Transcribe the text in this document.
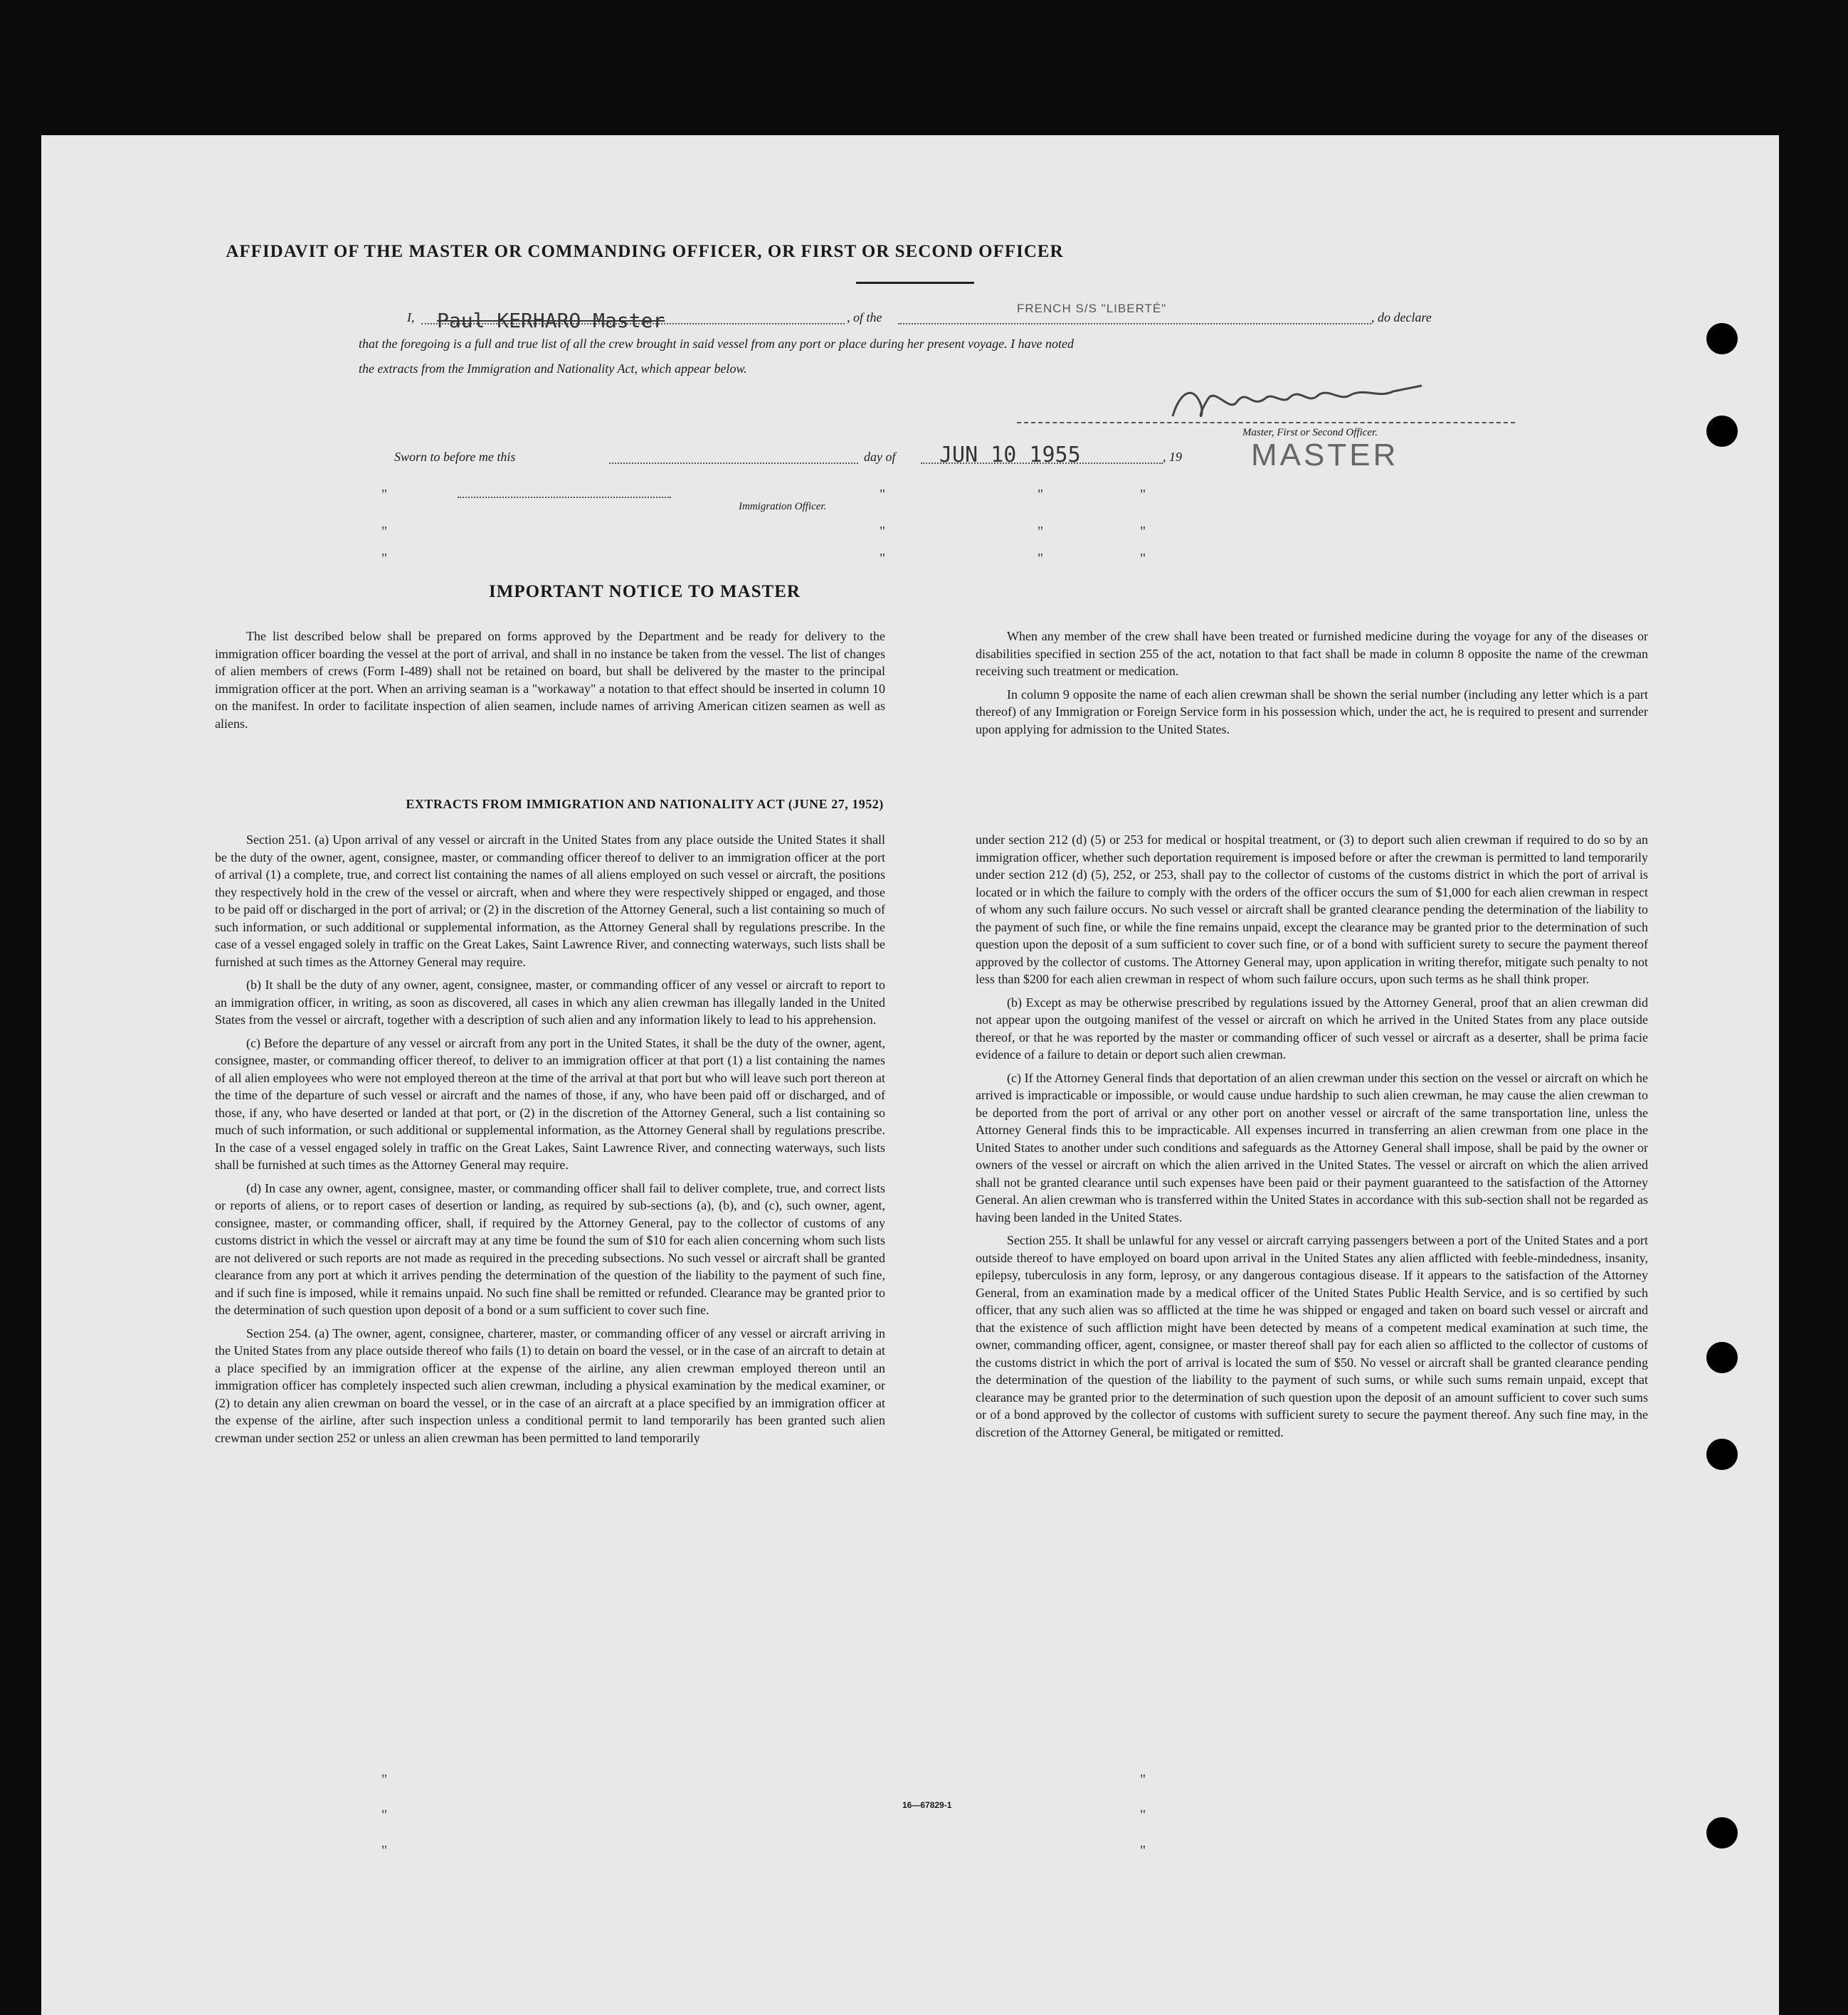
AFFIDAVIT OF THE MASTER OR COMMANDING OFFICER, OR FIRST OR SECOND OFFICER
I,	, of the	, do declare
Paul KERHARO Master
FRENCH S/S "LIBERTÉ"
that the foregoing is a full and true list of all the crew brought in said vessel from any port or place during her present voyage. I have noted
the extracts from the Immigration and Nationality Act, which appear below.
Master, First or Second Officer.
MASTER
Sworn to before me this	day of	, 19
JUN 10 1955
Immigration Officer.
"	"	"	"
"	"	"	"
"	"	"	"
IMPORTANT NOTICE TO MASTER

The list described below shall be prepared on forms approved by the Department and be ready for delivery to the immigration officer boarding the vessel at the port of arrival, and shall in no instance be taken from the vessel. The list of changes of alien members of crews (Form I-489) shall not be retained on board, but shall be delivered by the master to the principal immigration officer at the port. When an arriving seaman is a "workaway" a notation to that effect should be inserted in column 10 on the manifest. In order to facilitate inspection of alien seamen, include names of arriving American citizen seamen as well as aliens.

When any member of the crew shall have been treated or furnished medicine during the voyage for any of the diseases or disabilities specified in section 255 of the act, notation to that fact shall be made in column 8 opposite the name of the crewman receiving such treatment or medication.

In column 9 opposite the name of each alien crewman shall be shown the serial number (including any letter which is a part thereof) of any Immigration or Foreign Service form in his possession which, under the act, he is required to present and surrender upon applying for admission to the United States.

EXTRACTS FROM IMMIGRATION AND NATIONALITY ACT (JUNE 27, 1952)

Section 251. (a) Upon arrival of any vessel or aircraft in the United States from any place outside the United States it shall be the duty of the owner, agent, consignee, master, or commanding officer thereof to deliver to an immigration officer at the port of arrival (1) a complete, true, and correct list containing the names of all aliens employed on such vessel or aircraft, the positions they respectively hold in the crew of the vessel or aircraft, when and where they were respectively shipped or engaged, and those to be paid off or discharged in the port of arrival; or (2) in the discretion of the Attorney General, such a list containing so much of such information, or such additional or supplemental information, as the Attorney General shall by regulations prescribe. In the case of a vessel engaged solely in traffic on the Great Lakes, Saint Lawrence River, and connecting waterways, such lists shall be furnished at such times as the Attorney General may require.

(b) It shall be the duty of any owner, agent, consignee, master, or commanding officer of any vessel or aircraft to report to an immigration officer, in writing, as soon as discovered, all cases in which any alien crewman has illegally landed in the United States from the vessel or aircraft, together with a description of such alien and any information likely to lead to his apprehension.

(c) Before the departure of any vessel or aircraft from any port in the United States, it shall be the duty of the owner, agent, consignee, master, or commanding officer thereof, to deliver to an immigration officer at that port (1) a list containing the names of all alien employees who were not employed thereon at the time of the arrival at that port but who will leave such port thereon at the time of the departure of such vessel or aircraft and the names of those, if any, who have been paid off or discharged, and of those, if any, who have deserted or landed at that port, or (2) in the discretion of the Attorney General, such a list containing so much of such information, or such additional or supplemental information, as the Attorney General shall by regulations prescribe. In the case of a vessel engaged solely in traffic on the Great Lakes, Saint Lawrence River, and connecting waterways, such lists shall be furnished at such times as the Attorney General may require.

(d) In case any owner, agent, consignee, master, or commanding officer shall fail to deliver complete, true, and correct lists or reports of aliens, or to report cases of desertion or landing, as required by sub-sections (a), (b), and (c), such owner, agent, consignee, master, or commanding officer, shall, if required by the Attorney General, pay to the collector of customs of any customs district in which the vessel or aircraft may at any time be found the sum of $10 for each alien concerning whom such lists are not delivered or such reports are not made as required in the preceding subsections. No such vessel or aircraft shall be granted clearance from any port at which it arrives pending the determination of the question of the liability to the payment of such fine, and if such fine is imposed, while it remains unpaid. No such fine shall be remitted or refunded. Clearance may be granted prior to the determination of such question upon deposit of a bond or a sum sufficient to cover such fine.

Section 254. (a) The owner, agent, consignee, charterer, master, or commanding officer of any vessel or aircraft arriving in the United States from any place outside thereof who fails (1) to detain on board the vessel, or in the case of an aircraft to detain at a place specified by an immigration officer at the expense of the airline, any alien crewman employed thereon until an immigration officer has completely inspected such alien crewman, including a physical examination by the medical examiner, or (2) to detain any alien crewman on board the vessel, or in the case of an aircraft at a place specified by an immigration officer at the expense of the airline, after such inspection unless a conditional permit to land temporarily has been granted such alien crewman under section 252 or unless an alien crewman has been permitted to land temporarily

under section 212 (d) (5) or 253 for medical or hospital treatment, or (3) to deport such alien crewman if required to do so by an immigration officer, whether such deportation requirement is imposed before or after the crewman is permitted to land temporarily under section 212 (d) (5), 252, or 253, shall pay to the collector of customs of the customs district in which the port of arrival is located or in which the failure to comply with the orders of the officer occurs the sum of $1,000 for each alien crewman in respect of whom any such failure occurs. No such vessel or aircraft shall be granted clearance pending the determination of the liability to the payment of such fine, or while the fine remains unpaid, except the clearance may be granted prior to the determination of such question upon the deposit of a sum sufficient to cover such fine, or of a bond with sufficient surety to secure the payment thereof approved by the collector of customs. The Attorney General may, upon application in writing therefor, mitigate such penalty to not less than $200 for each alien crewman in respect of whom such failure occurs, upon such terms as he shall think proper.

(b) Except as may be otherwise prescribed by regulations issued by the Attorney General, proof that an alien crewman did not appear upon the outgoing manifest of the vessel or aircraft on which he arrived in the United States from any place outside thereof, or that he was reported by the master or commanding officer of such vessel or aircraft as a deserter, shall be prima facie evidence of a failure to detain or deport such alien crewman.

(c) If the Attorney General finds that deportation of an alien crewman under this section on the vessel or aircraft on which he arrived is impracticable or impossible, or would cause undue hardship to such alien crewman, he may cause the alien crewman to be deported from the port of arrival or any other port on another vessel or aircraft of the same transportation line, unless the Attorney General finds this to be impracticable. All expenses incurred in transferring an alien crewman from one place in the United States to another under such conditions and safeguards as the Attorney General shall impose, shall be paid by the owner or owners of the vessel or aircraft on which the alien arrived in the United States. The vessel or aircraft on which the alien arrived shall not be granted clearance until such expenses have been paid or their payment guaranteed to the satisfaction of the Attorney General. An alien crewman who is transferred within the United States in accordance with this sub-section shall not be regarded as having been landed in the United States.

Section 255. It shall be unlawful for any vessel or aircraft carrying passengers between a port of the United States and a port outside thereof to have employed on board upon arrival in the United States any alien afflicted with feeble-mindedness, insanity, epilepsy, tuberculosis in any form, leprosy, or any dangerous contagious disease. If it appears to the satisfaction of the Attorney General, from an examination made by a medical officer of the United States Public Health Service, and is so certified by such officer, that any such alien was so afflicted at the time he was shipped or engaged and taken on board such vessel or aircraft and that the existence of such affliction might have been detected by means of a competent medical examination at such time, the owner, commanding officer, agent, consignee, or master thereof shall pay for each alien so afflicted to the collector of customs of the customs district in which the port of arrival is located the sum of $50. No vessel or aircraft shall be granted clearance pending the determination of the question of the liability to the payment of such sums, or while such sums remain unpaid, except that clearance may be granted prior to the determination of such question upon the deposit of an amount sufficient to cover such sums or of a bond approved by the collector of customs with sufficient surety to secure the payment thereof. Any such fine may, in the discretion of the Attorney General, be mitigated or remitted.

"	"
"	"
"	"
16—67829-1
